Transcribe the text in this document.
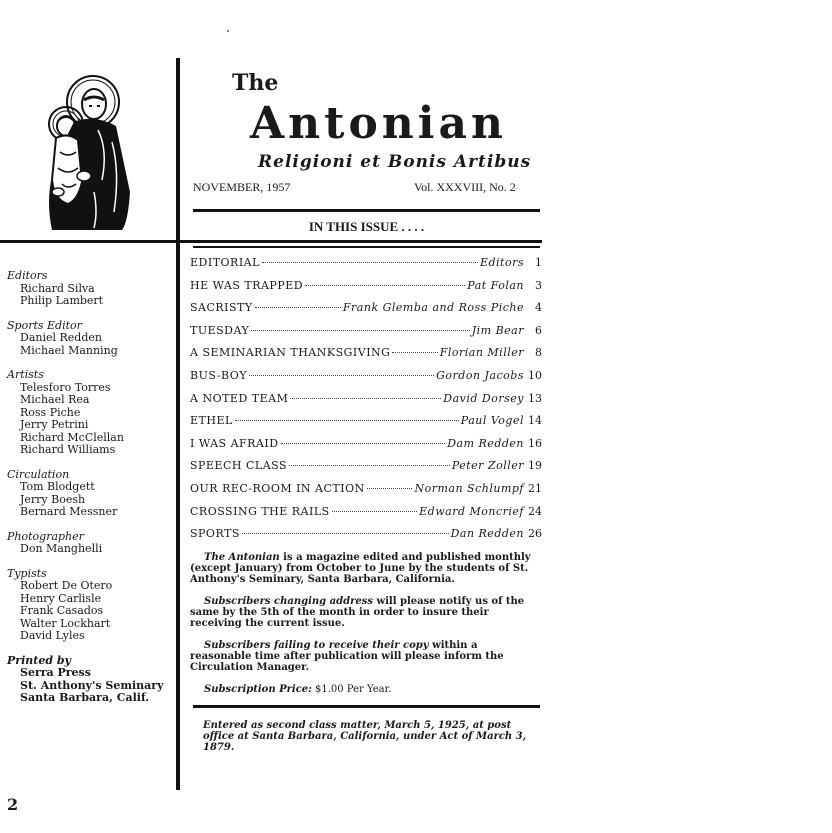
The
Antonian
Religioni et Bonis Artibus
NOVEMBER, 1957	Vol. XXXVIII, No. 2
IN THIS ISSUE . . . .
Editors
Richard Silva
Philip Lambert
Sports Editor
Daniel Redden
Michael Manning
Artists
Telesforo Torres
Michael Rea
Ross Piche
Jerry Petrini
Richard McClellan
Richard Williams
Circulation
Tom Blodgett
Jerry Boesh
Bernard Messner
Photographer
Don Manghelli
Typists
Robert De Otero
Henry Carlisle
Frank Casados
Walter Lockhart
David Lyles
Printed by
Serra Press
St. Anthony's Seminary
Santa Barbara, Calif.
EDITORIAL	Editors	1
HE WAS TRAPPED	Pat Folan	3
SACRISTY	Frank Glemba and Ross Piche	4
TUESDAY	Jim Bear	6
A SEMINARIAN THANKSGIVING	Florian Miller	8
BUS-BOY	Gordon Jacobs 10
A NOTED TEAM	David Dorsey 13
ETHEL	Paul Vogel 14
I WAS AFRAID	Dam Redden 16
SPEECH CLASS	Peter Zoller 19
OUR REC-ROOM IN ACTION	Norman Schlumpf 21
CROSSING THE RAILS	Edward Moncrief 24
SPORTS	Dan Redden 26
The Antonian is a magazine edited and published monthly (except January) from October to June by the students of St. Anthony's Seminary, Santa Barbara, California.
Subscribers changing address will please notify us of the same by the 5th of the month in order to insure their receiving the current issue.
Subscribers failing to receive their copy within a reasonable time after publication will please inform the Circulation Manager.
Subscription Price: $1.00 Per Year.
Entered as second class matter, March 5, 1925, at post office at Santa Barbara, California, under Act of March 3, 1879.
2
